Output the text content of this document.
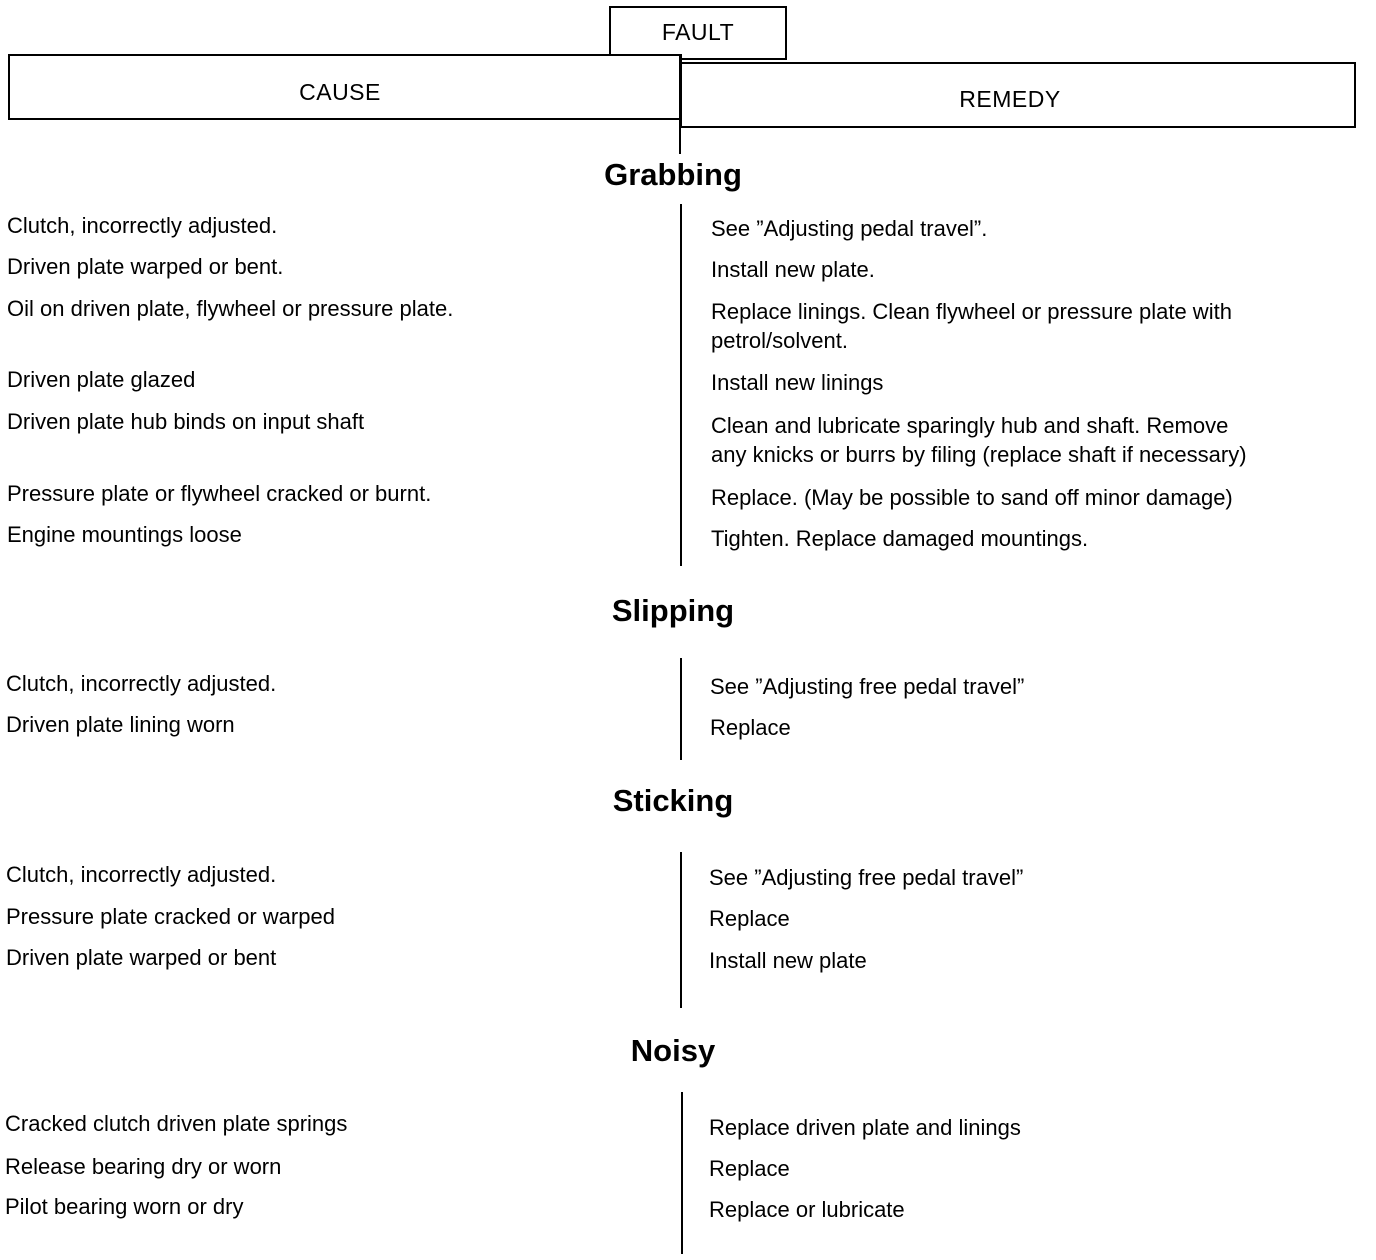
FAULT
CAUSE	REMEDY
Grabbing
Clutch, incorrectly adjusted.	See ”Adjusting pedal travel”.
Driven plate warped or bent.	Install new plate.
Oil on driven plate, flywheel or pressure plate.	Replace linings. Clean flywheel or pressure plate with
petrol/solvent.
Driven plate glazed	Install new linings
Driven plate hub binds on input shaft	Clean and lubricate sparingly hub and shaft. Remove
any knicks or burrs by filing (replace shaft if necessary)
Pressure plate or flywheel cracked or burnt.	Replace. (May be possible to sand off minor damage)
Engine mountings loose	Tighten. Replace damaged mountings.
Slipping
Clutch, incorrectly adjusted.	See ”Adjusting free pedal travel”
Driven plate lining worn	Replace
Sticking
Clutch, incorrectly adjusted.	See ”Adjusting free pedal travel”
Pressure plate cracked or warped	Replace
Driven plate warped or bent	Install new plate
Noisy
Cracked clutch driven plate springs	Replace driven plate and linings
Release bearing dry or worn	Replace
Pilot bearing worn or dry	Replace or lubricate
